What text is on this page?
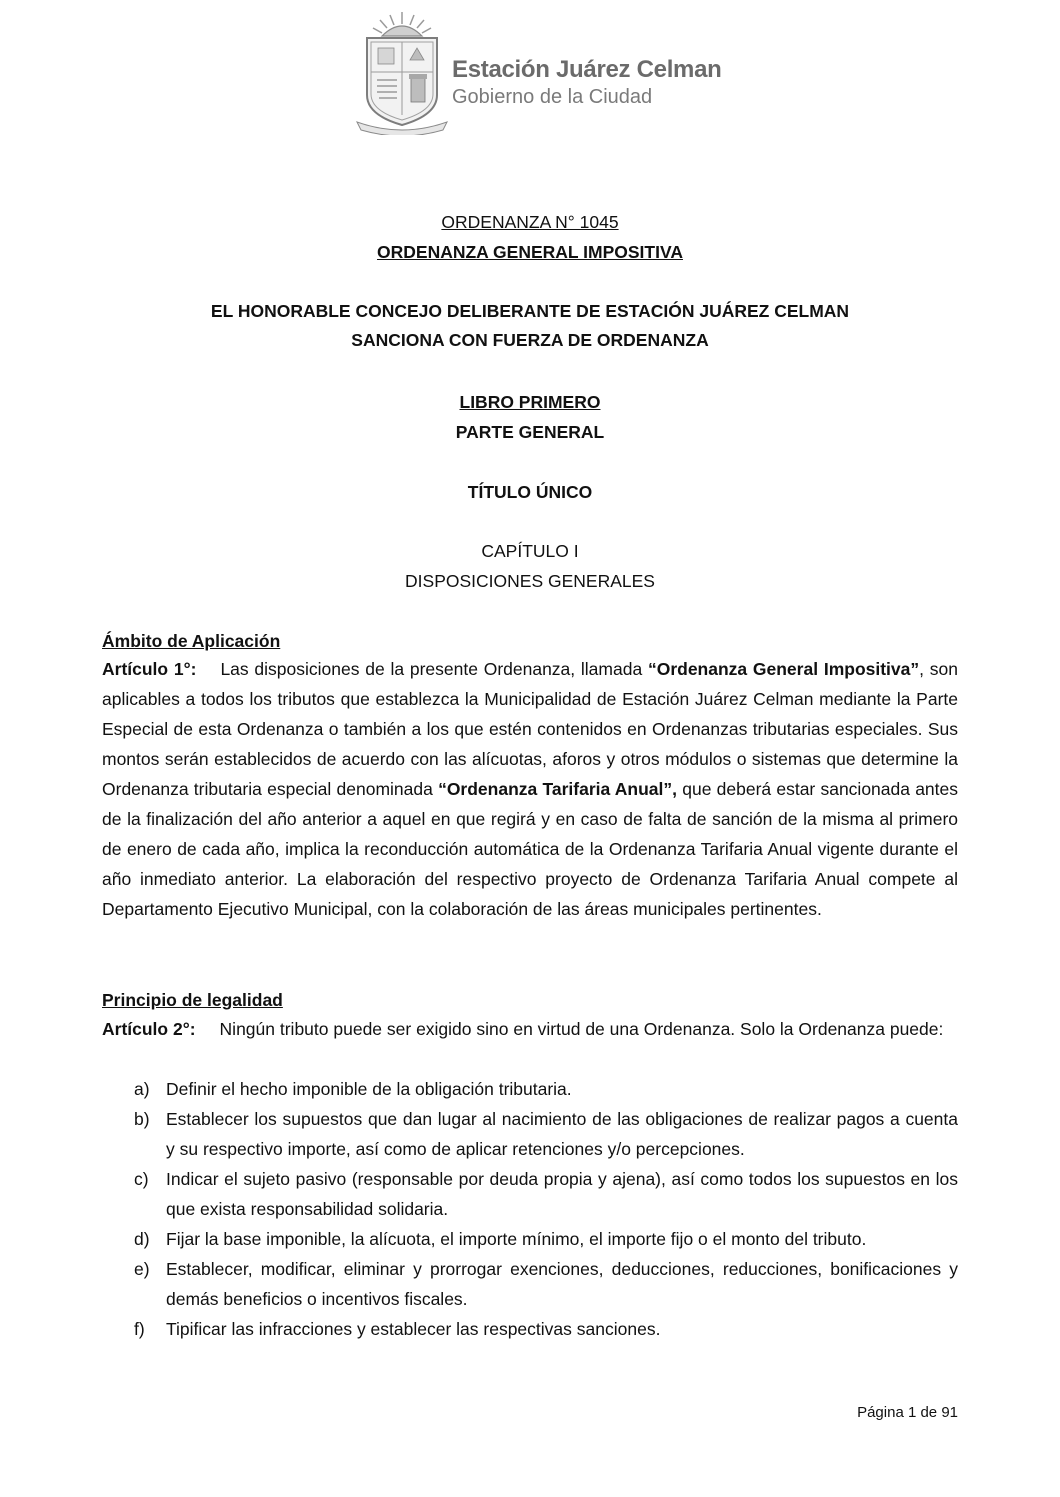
Estación Juárez Celman
Gobierno de la Ciudad
ORDENANZA N° 1045
ORDENANZA GENERAL IMPOSITIVA
EL HONORABLE CONCEJO DELIBERANTE DE ESTACIÓN JUÁREZ CELMAN
SANCIONA CON FUERZA DE ORDENANZA
LIBRO PRIMERO
PARTE GENERAL
TÍTULO ÚNICO
CAPÍTULO I
DISPOSICIONES GENERALES
Ámbito de Aplicación

Artículo 1°: Las disposiciones de la presente Ordenanza, llamada “Ordenanza General Impositiva”, son aplicables a todos los tributos que establezca la Municipalidad de Estación Juárez Celman mediante la Parte Especial de esta Ordenanza o también a los que estén contenidos en Ordenanzas tributarias especiales. Sus montos serán establecidos de acuerdo con las alícuotas, aforos y otros módulos o sistemas que determine la Ordenanza tributaria especial denominada “Ordenanza Tarifaria Anual”, que deberá estar sancionada antes de la finalización del año anterior a aquel en que regirá y en caso de falta de sanción de la misma al primero de enero de cada año, implica la reconducción automática de la Ordenanza Tarifaria Anual vigente durante el año inmediato anterior. La elaboración del respectivo proyecto de Ordenanza Tarifaria Anual compete al Departamento Ejecutivo Municipal, con la colaboración de las áreas municipales pertinentes.

Principio de legalidad

Artículo 2°: Ningún tributo puede ser exigido sino en virtud de una Ordenanza. Solo la Ordenanza puede:

a) Definir el hecho imponible de la obligación tributaria.
b) Establecer los supuestos que dan lugar al nacimiento de las obligaciones de realizar pagos a cuenta y su respectivo importe, así como de aplicar retenciones y/o percepciones.
c) Indicar el sujeto pasivo (responsable por deuda propia y ajena), así como todos los supuestos en los que exista responsabilidad solidaria.
d) Fijar la base imponible, la alícuota, el importe mínimo, el importe fijo o el monto del tributo.
e) Establecer, modificar, eliminar y prorrogar exenciones, deducciones, reducciones, bonificaciones y demás beneficios o incentivos fiscales.
f) Tipificar las infracciones y establecer las respectivas sanciones.
Página 1 de 91
